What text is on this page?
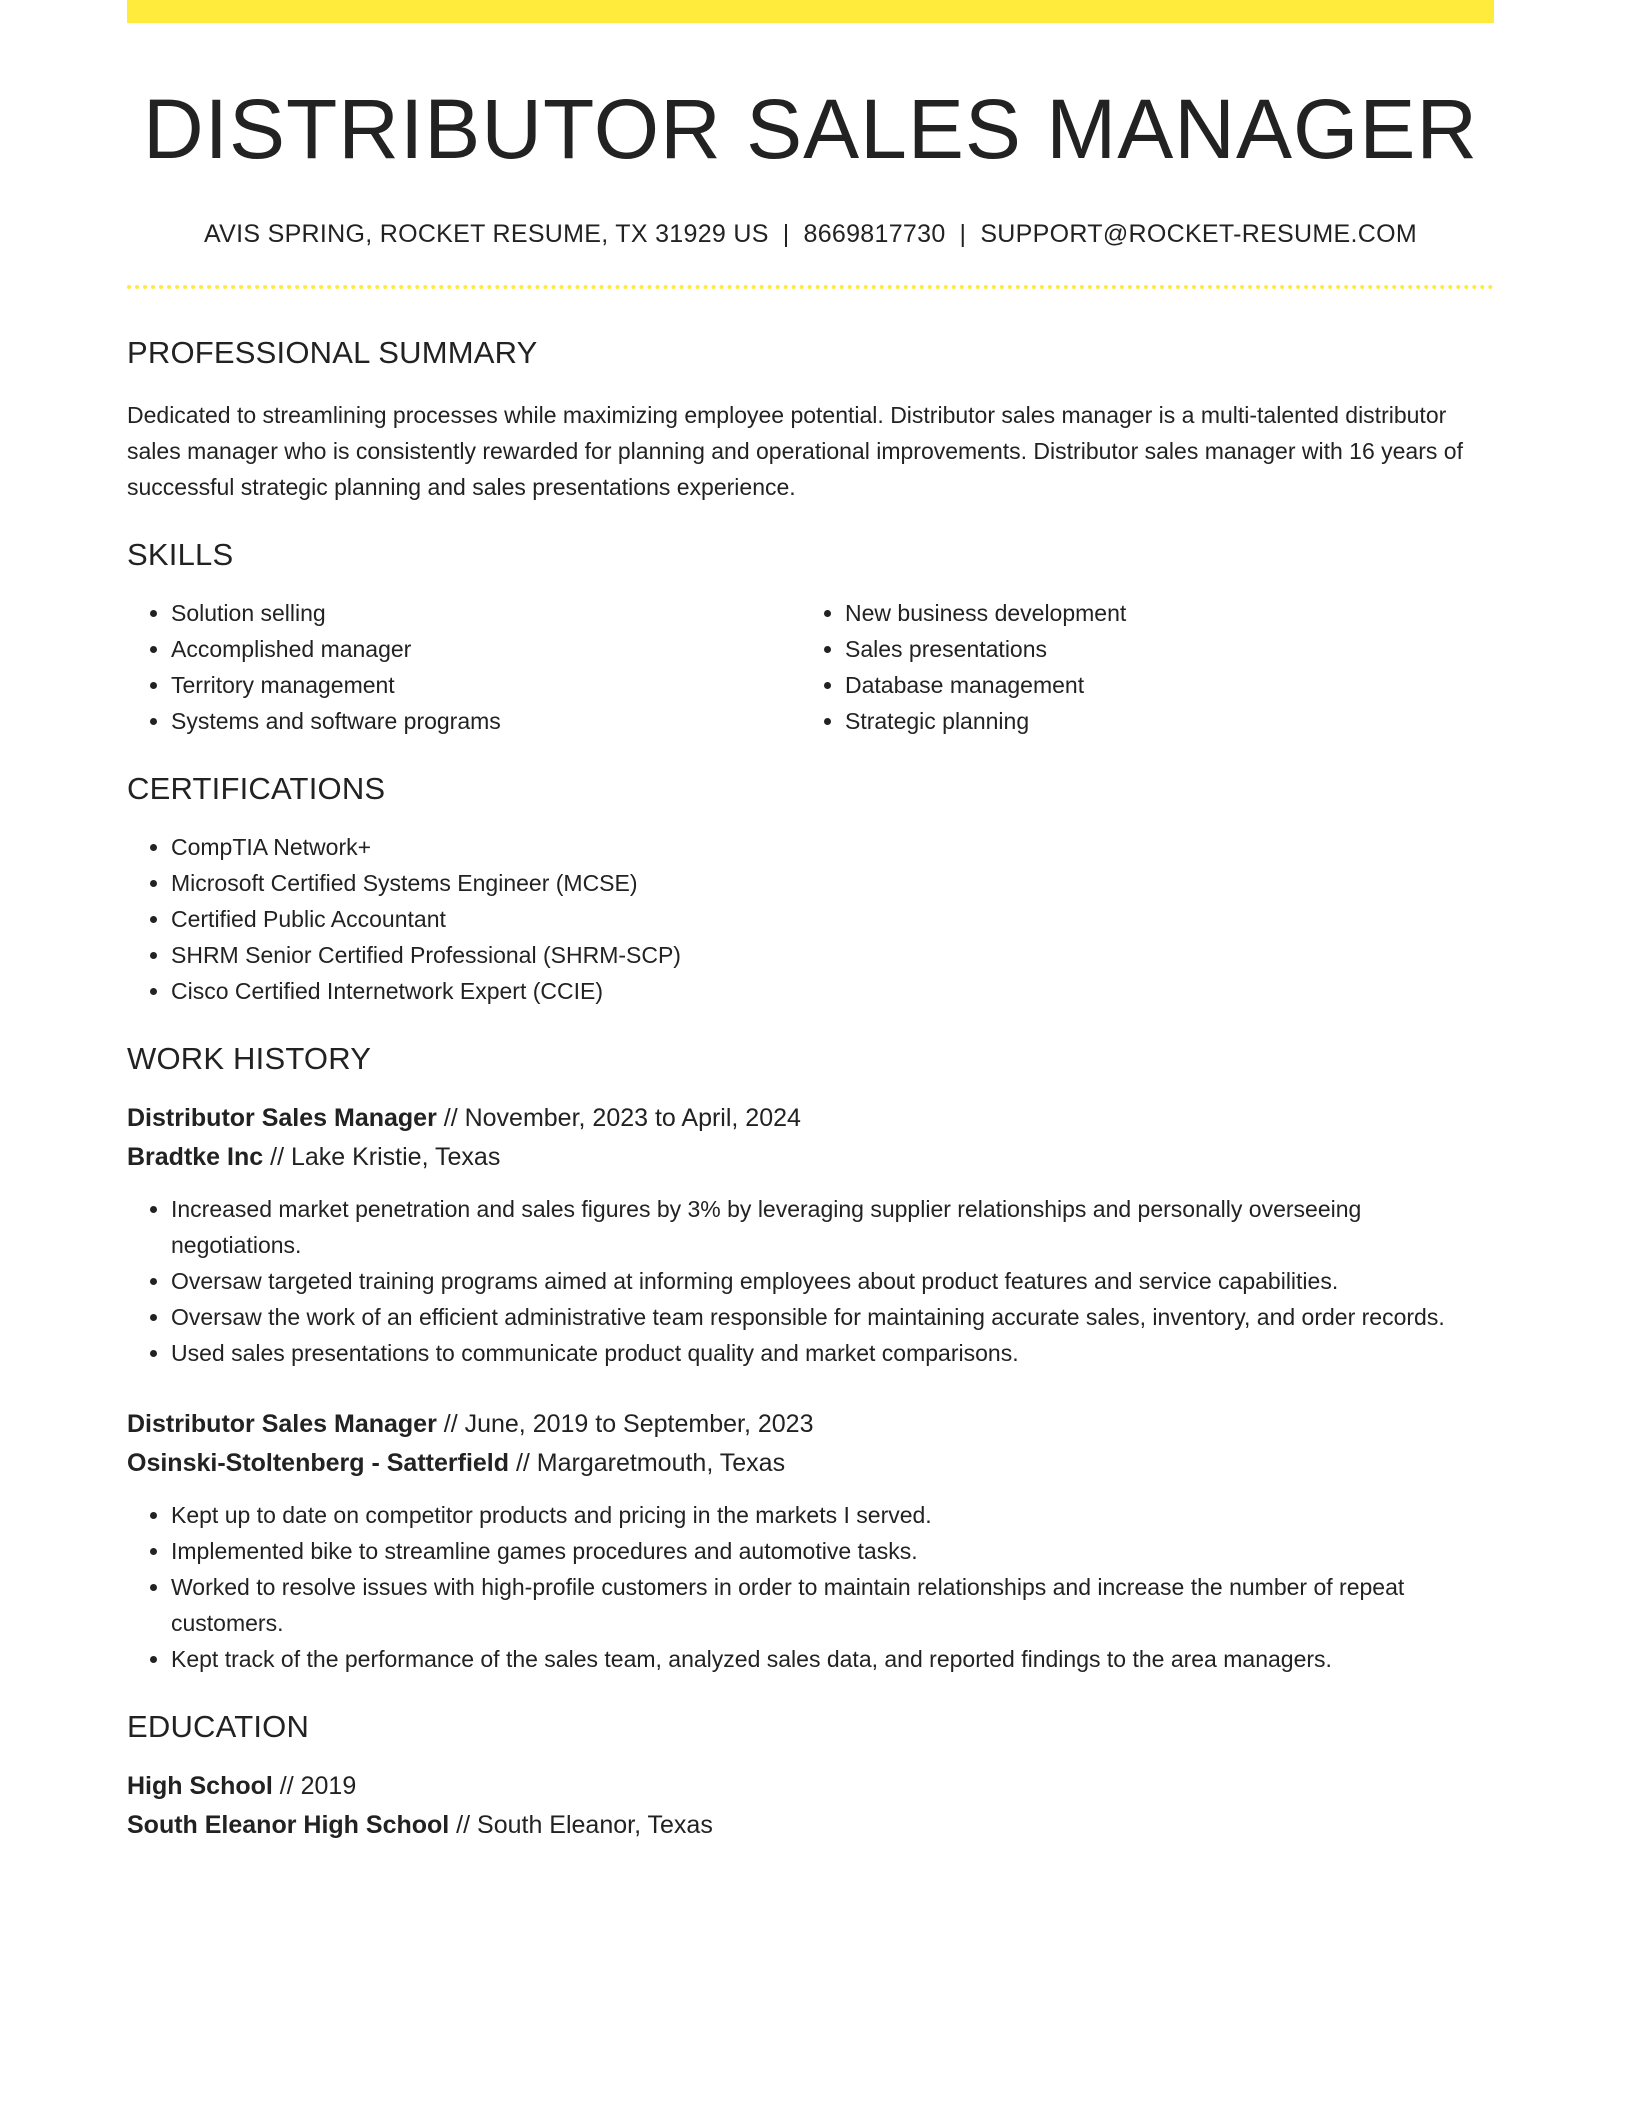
DISTRIBUTOR SALES MANAGER
AVIS SPRING, ROCKET RESUME, TX 31929 US | 8669817730 | SUPPORT@ROCKET-RESUME.COM
PROFESSIONAL SUMMARY

Dedicated to streamlining processes while maximizing employee potential. Distributor sales manager is a multi-talented distributor sales manager who is consistently rewarded for planning and operational improvements. Distributor sales manager with 16 years of successful strategic planning and sales presentations experience.

SKILLS
• Solution selling
• Accomplished manager
• Territory management
• Systems and software programs
• New business development
• Sales presentations
• Database management
• Strategic planning
CERTIFICATIONS
• CompTIA Network+
• Microsoft Certified Systems Engineer (MCSE)
• Certified Public Accountant
• SHRM Senior Certified Professional (SHRM-SCP)
• Cisco Certified Internetwork Expert (CCIE)
WORK HISTORY
Distributor Sales Manager // November, 2023 to April, 2024
Bradtke Inc // Lake Kristie, Texas
• Increased market penetration and sales figures by 3% by leveraging supplier relationships and personally overseeing negotiations.
• Oversaw targeted training programs aimed at informing employees about product features and service capabilities.
• Oversaw the work of an efficient administrative team responsible for maintaining accurate sales, inventory, and order records.
• Used sales presentations to communicate product quality and market comparisons.
Distributor Sales Manager // June, 2019 to September, 2023
Osinski-Stoltenberg - Satterfield // Margaretmouth, Texas
• Kept up to date on competitor products and pricing in the markets I served.
• Implemented bike to streamline games procedures and automotive tasks.
• Worked to resolve issues with high-profile customers in order to maintain relationships and increase the number of repeat customers.
• Kept track of the performance of the sales team, analyzed sales data, and reported findings to the area managers.
EDUCATION
High School // 2019
South Eleanor High School // South Eleanor, Texas
